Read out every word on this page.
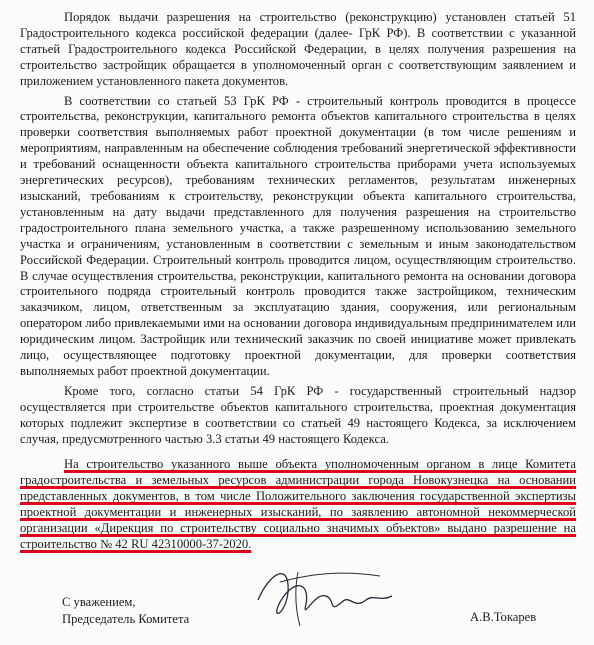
Порядок выдачи разрешения на строительство (реконструкцию) установлен статьей 51 Градостроительного кодекса российской федерации (далее- ГрК РФ). В соответствии с указанной статьей Градостроительного кодекса Российской Федерации, в целях получения разрешения на строительство застройщик обращается в уполномоченный орган с соответствующим заявлением и приложением установленного пакета документов.

В соответствии со статьей 53 ГрК РФ - строительный контроль проводится в процессе строительства, реконструкции, капитального ремонта объектов капитального строительства в целях проверки соответствия выполняемых работ проектной документации (в том числе решениям и мероприятиям, направленным на обеспечение соблюдения требований энергетической эффективности и требований оснащенности объекта капитального строительства приборами учета используемых энергетических ресурсов), требованиям технических регламентов, результатам инженерных изысканий, требованиям к строительству, реконструкции объекта капитального строительства, установленным на дату выдачи представленного для получения разрешения на строительство градостроительного плана земельного участка, а также разрешенному использованию земельного участка и ограничениям, установленным в соответствии с земельным и иным законодательством Российской Федерации. Строительный контроль проводится лицом, осуществляющим строительство. В случае осуществления строительства, реконструкции, капитального ремонта на основании договора строительного подряда строительный контроль проводится также застройщиком, техническим заказчиком, лицом, ответственным за эксплуатацию здания, сооружения, или региональным оператором либо привлекаемыми ими на основании договора индивидуальным предпринимателем или юридическим лицом. Застройщик или технический заказчик по своей инициативе может привлекать лицо, осуществляющее подготовку проектной документации, для проверки соответствия выполняемых работ проектной документации.

Кроме того, согласно статьи 54 ГрК РФ - государственный строительный надзор осуществляется при строительстве объектов капитального строительства, проектная документация которых подлежит экспертизе в соответствии со статьей 49 настоящего Кодекса, за исключением случая, предусмотренного частью 3.3 статьи 49 настоящего Кодекса.

На строительство указанного выше объекта уполномоченным органом в лице Комитета градостроительства и земельных ресурсов администрации города Новокузнецка на основании представленных документов, в том числе Положительного заключения государственной экспертизы проектной документации и инженерных изысканий, по заявлению автономной некоммерческой организации «Дирекция по строительству социально значимых объектов» выдано разрешение на строительство № 42 RU 42310000-37-2020.

С уважением,
Председатель Комитета	А.В.Токарев
